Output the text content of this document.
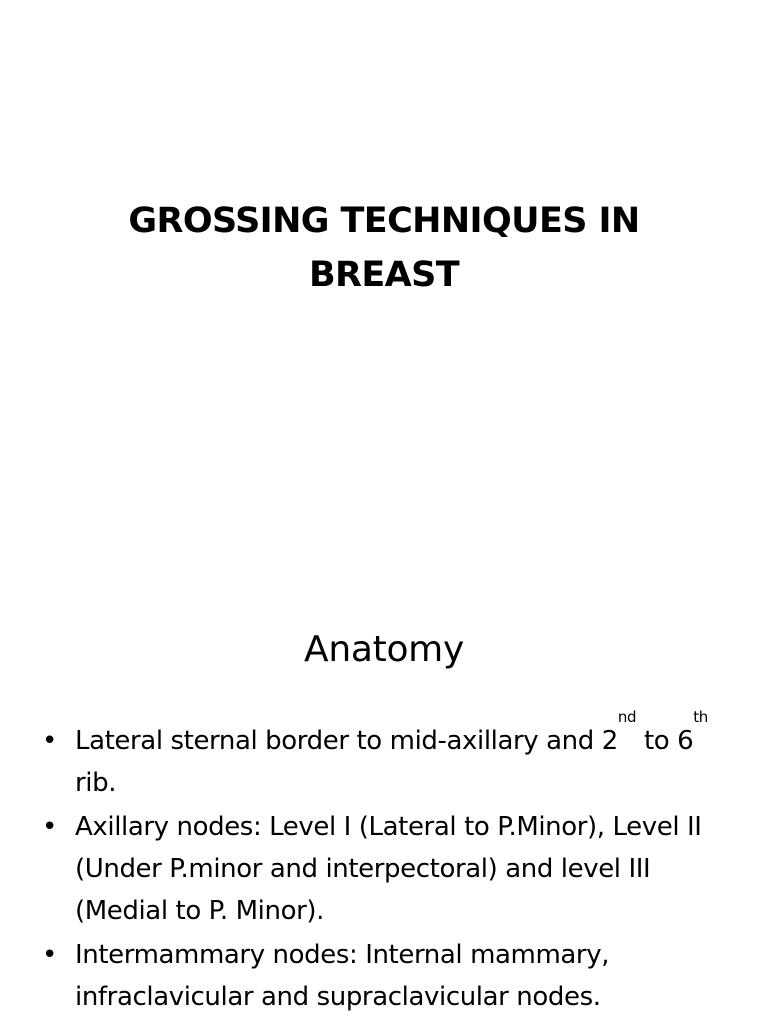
GROSSING TECHNIQUES IN
BREAST
Anatomy
• Lateral sternal border to mid-axillary and 2nd to 6th rib.
• Axillary nodes: Level I (Lateral to P.Minor), Level II (Under P.minor and interpectoral) and level III (Medial to P. Minor).
• Intermammary nodes: Internal mammary, infraclavicular and supraclavicular nodes.
